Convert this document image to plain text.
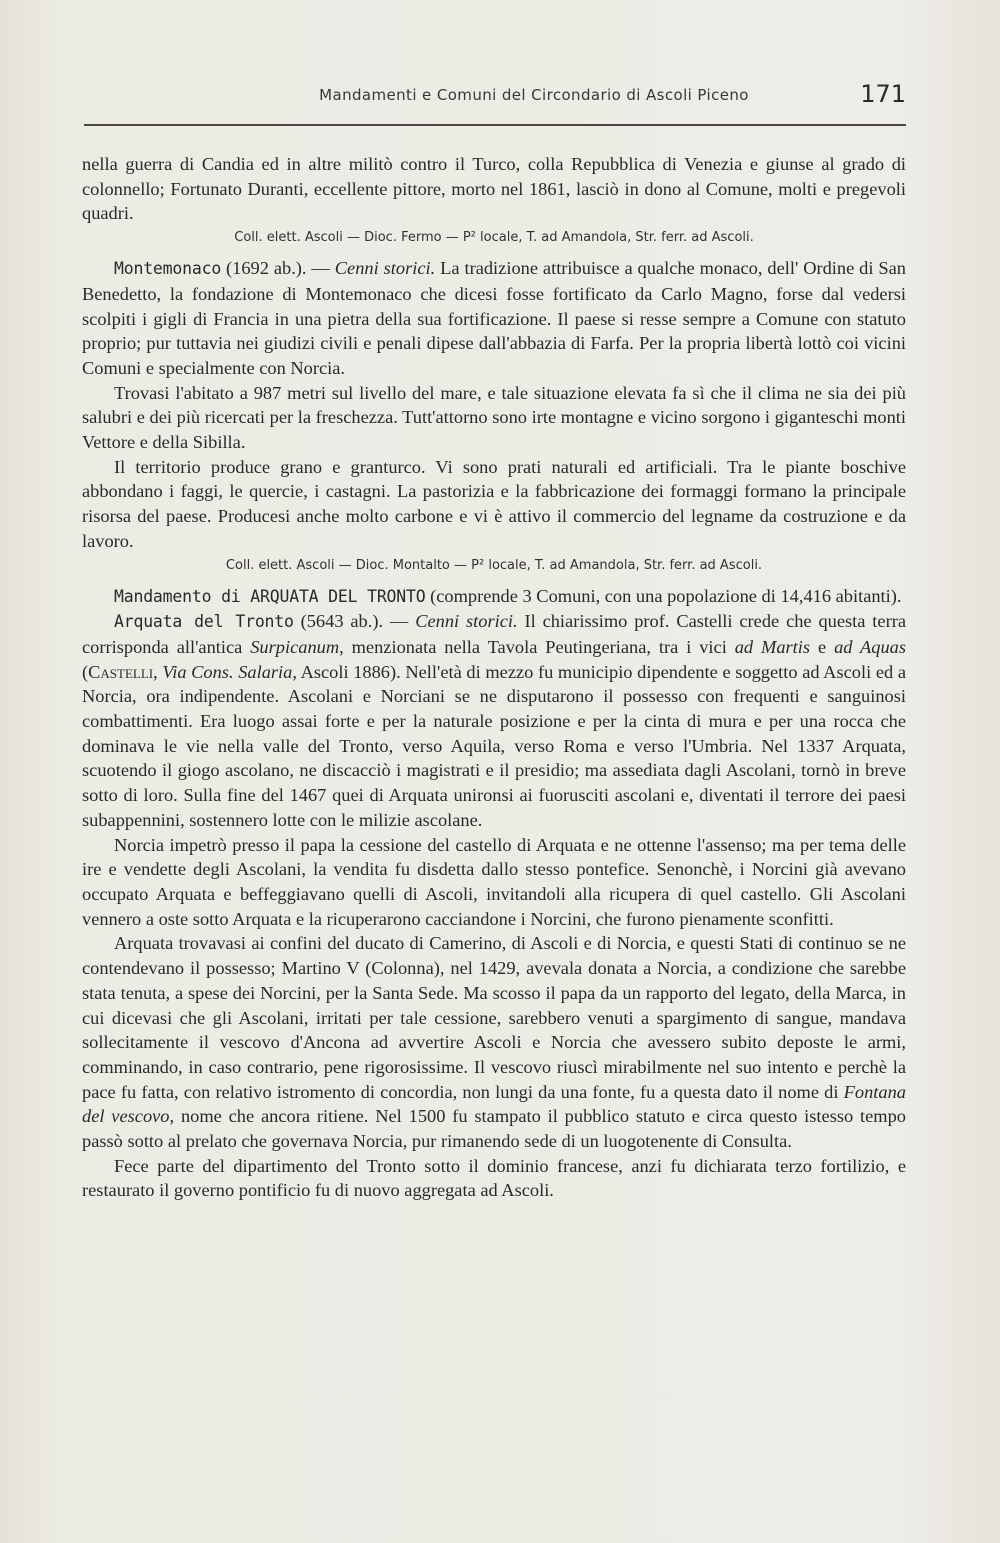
Mandamenti e Comuni del Circondario di Ascoli Piceno	171

nella guerra di Candia ed in altre militò contro il Turco, colla Repubblica di Venezia e giunse al grado di colonnello; Fortunato Duranti, eccellente pittore, morto nel 1861, lasciò in dono al Comune, molti e pregevoli quadri.

Coll. elett. Ascoli — Dioc. Fermo — P² locale, T. ad Amandola, Str. ferr. ad Ascoli.

Montemonaco (1692 ab.). — Cenni storici. La tradizione attribuisce a qualche monaco, dell' Ordine di San Benedetto, la fondazione di Montemonaco che dicesi fosse fortificato da Carlo Magno, forse dal vedersi scolpiti i gigli di Francia in una pietra della sua fortificazione. Il paese si resse sempre a Comune con statuto proprio; pur tuttavia nei giudizi civili e penali dipese dall'abbazia di Farfa. Per la propria libertà lottò coi vicini Comuni e specialmente con Norcia.

Trovasi l'abitato a 987 metri sul livello del mare, e tale situazione elevata fa sì che il clima ne sia dei più salubri e dei più ricercati per la freschezza. Tutt'attorno sono irte montagne e vicino sorgono i giganteschi monti Vettore e della Sibilla.

Il territorio produce grano e granturco. Vi sono prati naturali ed artificiali. Tra le piante boschive abbondano i faggi, le quercie, i castagni. La pastorizia e la fabbricazione dei formaggi formano la principale risorsa del paese. Producesi anche molto carbone e vi è attivo il commercio del legname da costruzione e da lavoro.

Coll. elett. Ascoli — Dioc. Montalto — P² locale, T. ad Amandola, Str. ferr. ad Ascoli.

Mandamento di ARQUATA DEL TRONTO (comprende 3 Comuni, con una popolazione di 14,416 abitanti).

Arquata del Tronto (5643 ab.). — Cenni storici. Il chiarissimo prof. Castelli crede che questa terra corrisponda all'antica Surpicanum, menzionata nella Tavola Peutingeriana, tra i vici ad Martis e ad Aquas (Castelli, Via Cons. Salaria, Ascoli 1886). Nell'età di mezzo fu municipio dipendente e soggetto ad Ascoli ed a Norcia, ora indipendente. Ascolani e Norciani se ne disputarono il possesso con frequenti e sanguinosi combattimenti. Era luogo assai forte e per la naturale posizione e per la cinta di mura e per una rocca che dominava le vie nella valle del Tronto, verso Aquila, verso Roma e verso l'Umbria. Nel 1337 Arquata, scuotendo il giogo ascolano, ne discacciò i magistrati e il presidio; ma assediata dagli Ascolani, tornò in breve sotto di loro. Sulla fine del 1467 quei di Arquata unironsi ai fuorusciti ascolani e, diventati il terrore dei paesi subappennini, sostennero lotte con le milizie ascolane.

Norcia impetrò presso il papa la cessione del castello di Arquata e ne ottenne l'assenso; ma per tema delle ire e vendette degli Ascolani, la vendita fu disdetta dallo stesso pontefice. Senonchè, i Norcini già avevano occupato Arquata e beffeggiavano quelli di Ascoli, invitandoli alla ricupera di quel castello. Gli Ascolani vennero a oste sotto Arquata e la ricuperarono cacciandone i Norcini, che furono pienamente sconfitti.

Arquata trovavasi ai confini del ducato di Camerino, di Ascoli e di Norcia, e questi Stati di continuo se ne contendevano il possesso; Martino V (Colonna), nel 1429, avevala donata a Norcia, a condizione che sarebbe stata tenuta, a spese dei Norcini, per la Santa Sede. Ma scosso il papa da un rapporto del legato, della Marca, in cui dicevasi che gli Ascolani, irritati per tale cessione, sarebbero venuti a spargimento di sangue, mandava sollecitamente il vescovo d'Ancona ad avvertire Ascoli e Norcia che avessero subito deposte le armi, comminando, in caso contrario, pene rigorosissime. Il vescovo riuscì mirabilmente nel suo intento e perchè la pace fu fatta, con relativo istromento di concordia, non lungi da una fonte, fu a questa dato il nome di Fontana del vescovo, nome che ancora ritiene. Nel 1500 fu stampato il pubblico statuto e circa questo istesso tempo passò sotto al prelato che governava Norcia, pur rimanendo sede di un luogotenente di Consulta.

Fece parte del dipartimento del Tronto sotto il dominio francese, anzi fu dichiarata terzo fortilizio, e restaurato il governo pontificio fu di nuovo aggregata ad Ascoli.
